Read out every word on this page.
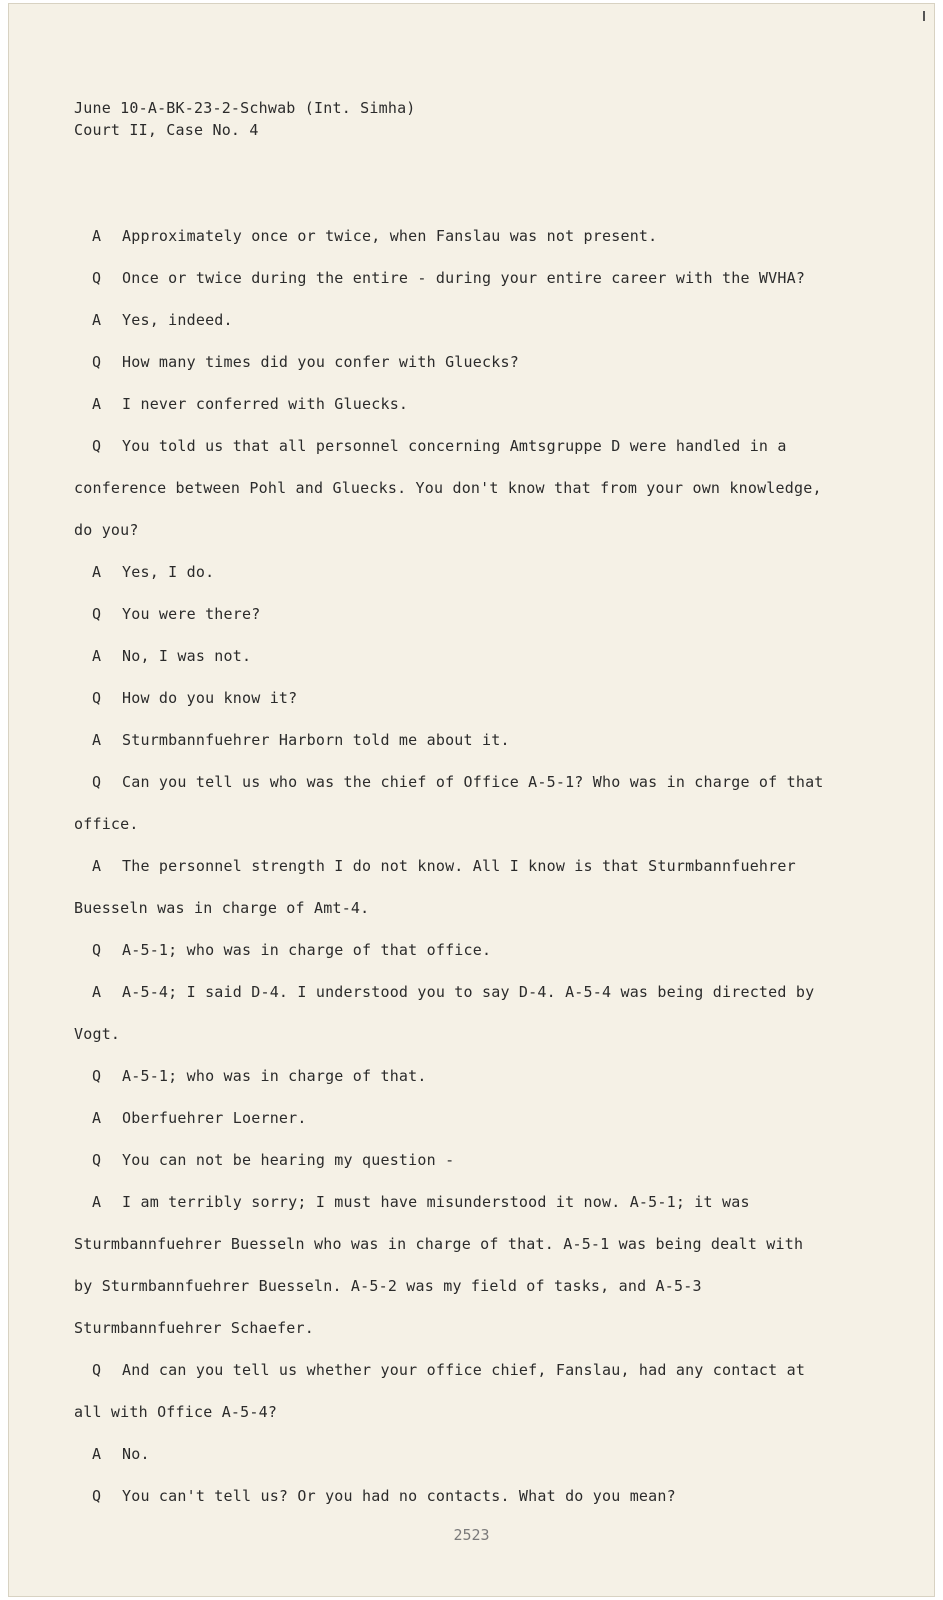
June 10-A-BK-23-2-Schwab (Int. Simha)
Court II, Case No. 4

A Approximately once or twice, when Fanslau was not present.

Q Once or twice during the entire - during your entire career with the WVHA?

A Yes, indeed.

Q How many times did you confer with Gluecks?

A I never conferred with Gluecks.

Q You told us that all personnel concerning Amtsgruppe D were handled in a conference between Pohl and Gluecks. You don't know that from your own knowledge, do you?

A Yes, I do.

Q You were there?

A No, I was not.

Q How do you know it?

A Sturmbannfuehrer Harborn told me about it.

Q Can you tell us who was the chief of Office A-5-1? Who was in charge of that office.

A The personnel strength I do not know. All I know is that Sturmbannfuehrer Buesseln was in charge of Amt-4.

Q A-5-1; who was in charge of that office.

A A-5-4; I said D-4. I understood you to say D-4. A-5-4 was being directed by Vogt.

Q A-5-1; who was in charge of that.

A Oberfuehrer Loerner.

Q You can not be hearing my question -

A I am terribly sorry; I must have misunderstood it now. A-5-1; it was Sturmbannfuehrer Buesseln who was in charge of that. A-5-1 was being dealt with by Sturmbannfuehrer Buesseln. A-5-2 was my field of tasks, and A-5-3 Sturmbannfuehrer Schaefer.

Q And can you tell us whether your office chief, Fanslau, had any contact at all with Office A-5-4?

A No.

Q You can't tell us? Or you had no contacts. What do you mean?

2523
